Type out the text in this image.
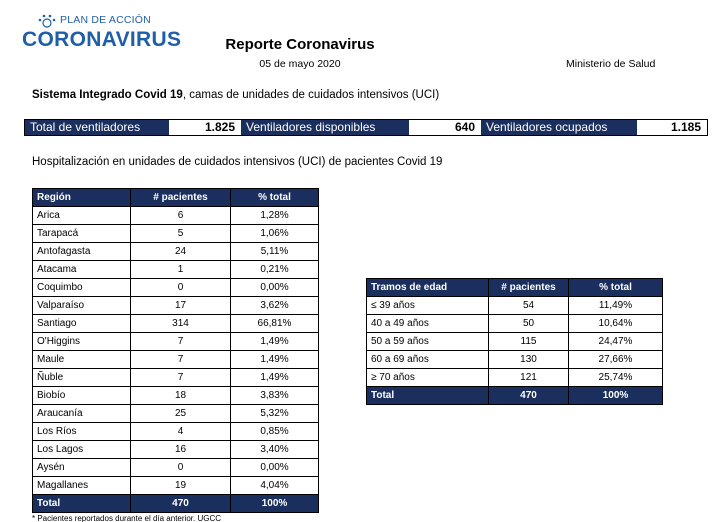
PLAN DE ACCIÓN
CORONAVIRUS	Reporte Coronavirus
05 de mayo 2020	Ministerio de Salud
Sistema Integrado Covid 19, camas de unidades de cuidados intensivos (UCI)
Total de ventiladores	1.825 Ventiladores disponibles	640 Ventiladores ocupados	1.185
Hospitalización en unidades de cuidados intensivos (UCI) de pacientes Covid 19
Región	# pacientes	% total
Arica	6	1,28%
Tarapacá	5	1,06%
Antofagasta	24	5,11%
Atacama	1	0,21%
Coquimbo	0	0,00%
Valparaíso	17	3,62%
Santiago	314	66,81%
O'Higgins	7	1,49%
Maule	7	1,49%
Ñuble	7	1,49%
Biobío	18	3,83%
Araucanía	25	5,32%
Los Ríos	4	0,85%
Los Lagos	16	3,40%
Aysén	0	0,00%
Magallanes	19	4,04%
Total	470	100%
Tramos de edad	# pacientes	% total
≤ 39 años	54	11,49%
40 a 49 años	50	10,64%
50 a 59 años	115	24,47%
60 a 69 años	130	27,66%
≥ 70 años	121	25,74%
Total	470	100%
* Pacientes reportados durante el día anterior. UGCC
